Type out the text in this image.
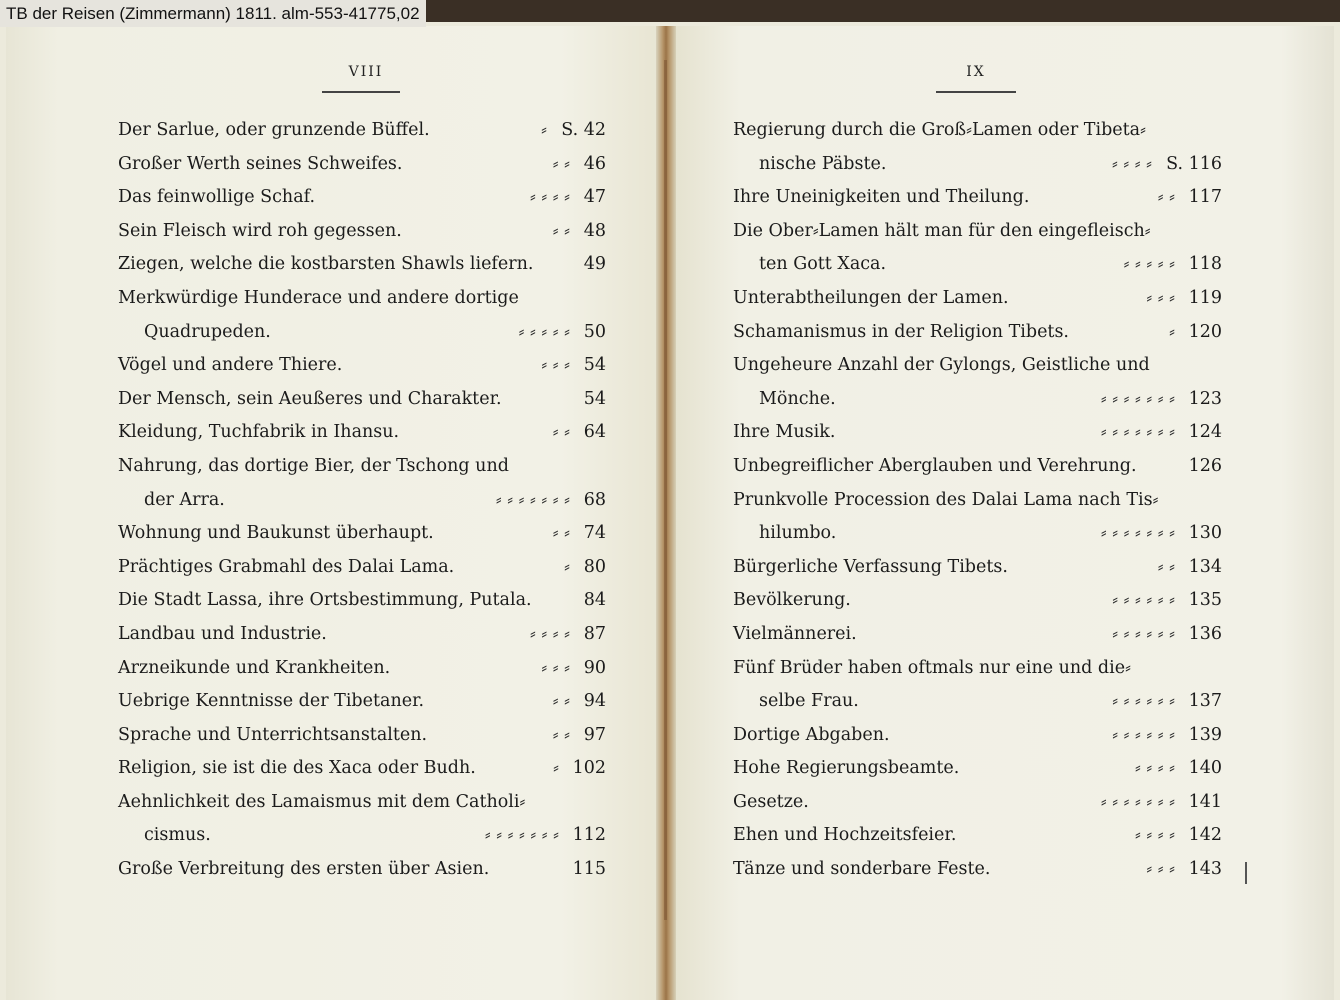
TB der Reisen (Zimmermann) 1811. alm-553-41775,02
VIII	IX
Der Sarlue, oder grunzende Büffel.	⸗ S. 42
Großer Werth seines Schweifes.	⸗ ⸗ 46
Das feinwollige Schaf.	⸗ ⸗ ⸗ ⸗ 47
Sein Fleisch wird roh gegessen.	⸗ ⸗ 48
Ziegen, welche die kostbarsten Shawls liefern.	49
Merkwürdige Hunderace und andere dortige
Quadrupeden.	⸗ ⸗ ⸗ ⸗ ⸗ 50
Vögel und andere Thiere.	⸗ ⸗ ⸗ 54
Der Mensch, sein Aeußeres und Charakter.	54
Kleidung, Tuchfabrik in Ihansu.	⸗ ⸗ 64
Nahrung, das dortige Bier, der Tschong und
der Arra.	⸗ ⸗ ⸗ ⸗ ⸗ ⸗ ⸗ 68
Wohnung und Baukunst überhaupt.	⸗ ⸗ 74
Prächtiges Grabmahl des Dalai Lama.	⸗ 80
Die Stadt Lassa, ihre Ortsbestimmung, Putala.	84
Landbau und Industrie.	⸗ ⸗ ⸗ ⸗ 87
Arzneikunde und Krankheiten.	⸗ ⸗ ⸗ 90
Uebrige Kenntnisse der Tibetaner.	⸗ ⸗ 94
Sprache und Unterrichtsanstalten.	⸗ ⸗ 97
Religion, sie ist die des Xaca oder Budh.	⸗ 102
Aehnlichkeit des Lamaismus mit dem Catholi⸗
cismus.	⸗ ⸗ ⸗ ⸗ ⸗ ⸗ ⸗ 112
Große Verbreitung des ersten über Asien.	115
Regierung durch die Groß⸗Lamen oder Tibeta⸗
nische Päbste.	⸗ ⸗ ⸗ ⸗ S. 116
Ihre Uneinigkeiten und Theilung.	⸗ ⸗ 117
Die Ober⸗Lamen hält man für den eingefleisch⸗
ten Gott Xaca.	⸗ ⸗ ⸗ ⸗ ⸗ 118
Unterabtheilungen der Lamen.	⸗ ⸗ ⸗ 119
Schamanismus in der Religion Tibets.	⸗ 120
Ungeheure Anzahl der Gylongs, Geistliche und
Mönche.	⸗ ⸗ ⸗ ⸗ ⸗ ⸗ ⸗ 123
Ihre Musik.	⸗ ⸗ ⸗ ⸗ ⸗ ⸗ ⸗ 124
Unbegreiflicher Aberglauben und Verehrung.	126
Prunkvolle Procession des Dalai Lama nach Tis⸗
hilumbo.	⸗ ⸗ ⸗ ⸗ ⸗ ⸗ ⸗ 130
Bürgerliche Verfassung Tibets.	⸗ ⸗ 134
Bevölkerung.	⸗ ⸗ ⸗ ⸗ ⸗ ⸗ 135
Vielmännerei.	⸗ ⸗ ⸗ ⸗ ⸗ ⸗ 136
Fünf Brüder haben oftmals nur eine und die⸗
selbe Frau.	⸗ ⸗ ⸗ ⸗ ⸗ ⸗ 137
Dortige Abgaben.	⸗ ⸗ ⸗ ⸗ ⸗ ⸗ 139
Hohe Regierungsbeamte.	⸗ ⸗ ⸗ ⸗ 140
Gesetze.	⸗ ⸗ ⸗ ⸗ ⸗ ⸗ ⸗ 141
Ehen und Hochzeitsfeier.	⸗ ⸗ ⸗ ⸗ 142
Tänze und sonderbare Feste.	⸗ ⸗ ⸗ 143
